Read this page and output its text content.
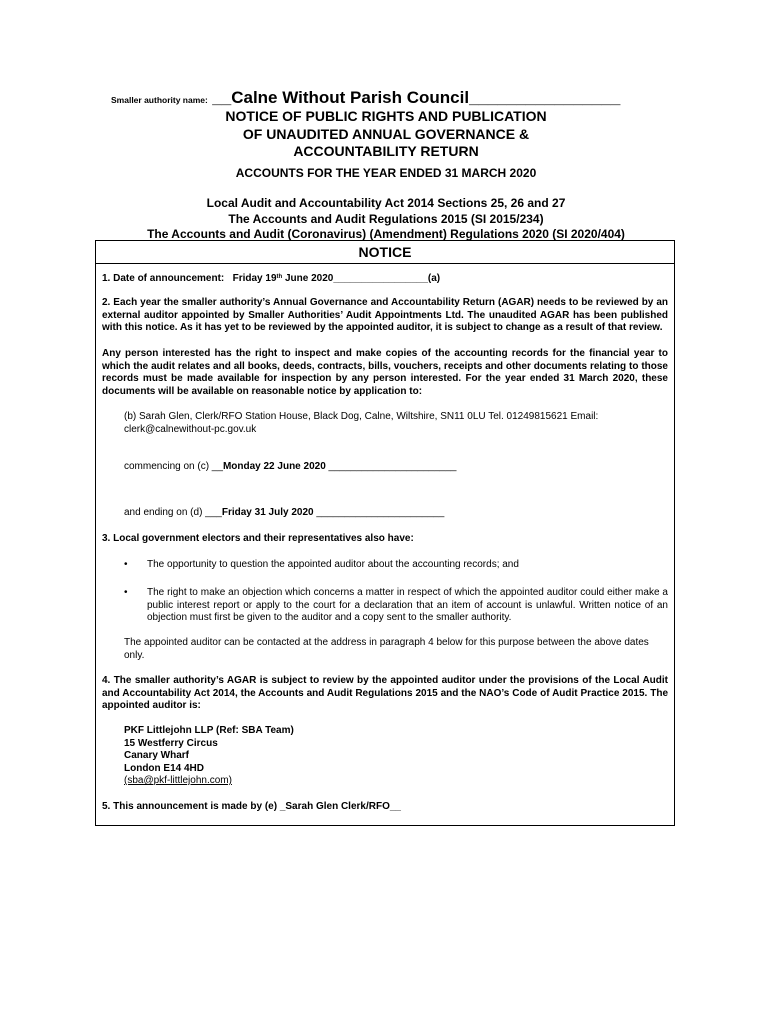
Smaller authority name: __Calne Without Parish Council________________
NOTICE OF PUBLIC RIGHTS AND PUBLICATION
OF UNAUDITED ANNUAL GOVERNANCE &
ACCOUNTABILITY RETURN
ACCOUNTS FOR THE YEAR ENDED 31 MARCH 2020
Local Audit and Accountability Act 2014 Sections 25, 26 and 27
The Accounts and Audit Regulations 2015 (SI 2015/234)
The Accounts and Audit (Coronavirus) (Amendment) Regulations 2020 (SI 2020/404)
NOTICE
1. Date of announcement: Friday 19th June 2020_________________(a)
2. Each year the smaller authority’s Annual Governance and Accountability Return (AGAR) needs to be reviewed by an external auditor appointed by Smaller Authorities’ Audit Appointments Ltd. The unaudited AGAR has been published with this notice. As it has yet to be reviewed by the appointed auditor, it is subject to change as a result of that review.
Any person interested has the right to inspect and make copies of the accounting records for the financial year to which the audit relates and all books, deeds, contracts, bills, vouchers, receipts and other documents relating to those records must be made available for inspection by any person interested. For the year ended 31 March 2020, these documents will be available on reasonable notice by application to:
(b) Sarah Glen, Clerk/RFO Station House, Black Dog, Calne, Wiltshire, SN11 0LU Tel. 01249815621 Email: clerk@calnewithout-pc.gov.uk
commencing on (c) __Monday 22 June 2020 _______________________
and ending on (d) ___Friday 31 July 2020 _______________________
3. Local government electors and their representatives also have:
• The opportunity to question the appointed auditor about the accounting records; and
• The right to make an objection which concerns a matter in respect of which the appointed auditor could either make a public interest report or apply to the court for a declaration that an item of account is unlawful. Written notice of an objection must first be given to the auditor and a copy sent to the smaller authority.
The appointed auditor can be contacted at the address in paragraph 4 below for this purpose between the above dates only.
4. The smaller authority’s AGAR is subject to review by the appointed auditor under the provisions of the Local Audit and Accountability Act 2014, the Accounts and Audit Regulations 2015 and the NAO’s Code of Audit Practice 2015. The appointed auditor is:
PKF Littlejohn LLP (Ref: SBA Team)
15 Westferry Circus
Canary Wharf
London E14 4HD
(sba@pkf-littlejohn.com)
5. This announcement is made by (e) _Sarah Glen Clerk/RFO__
